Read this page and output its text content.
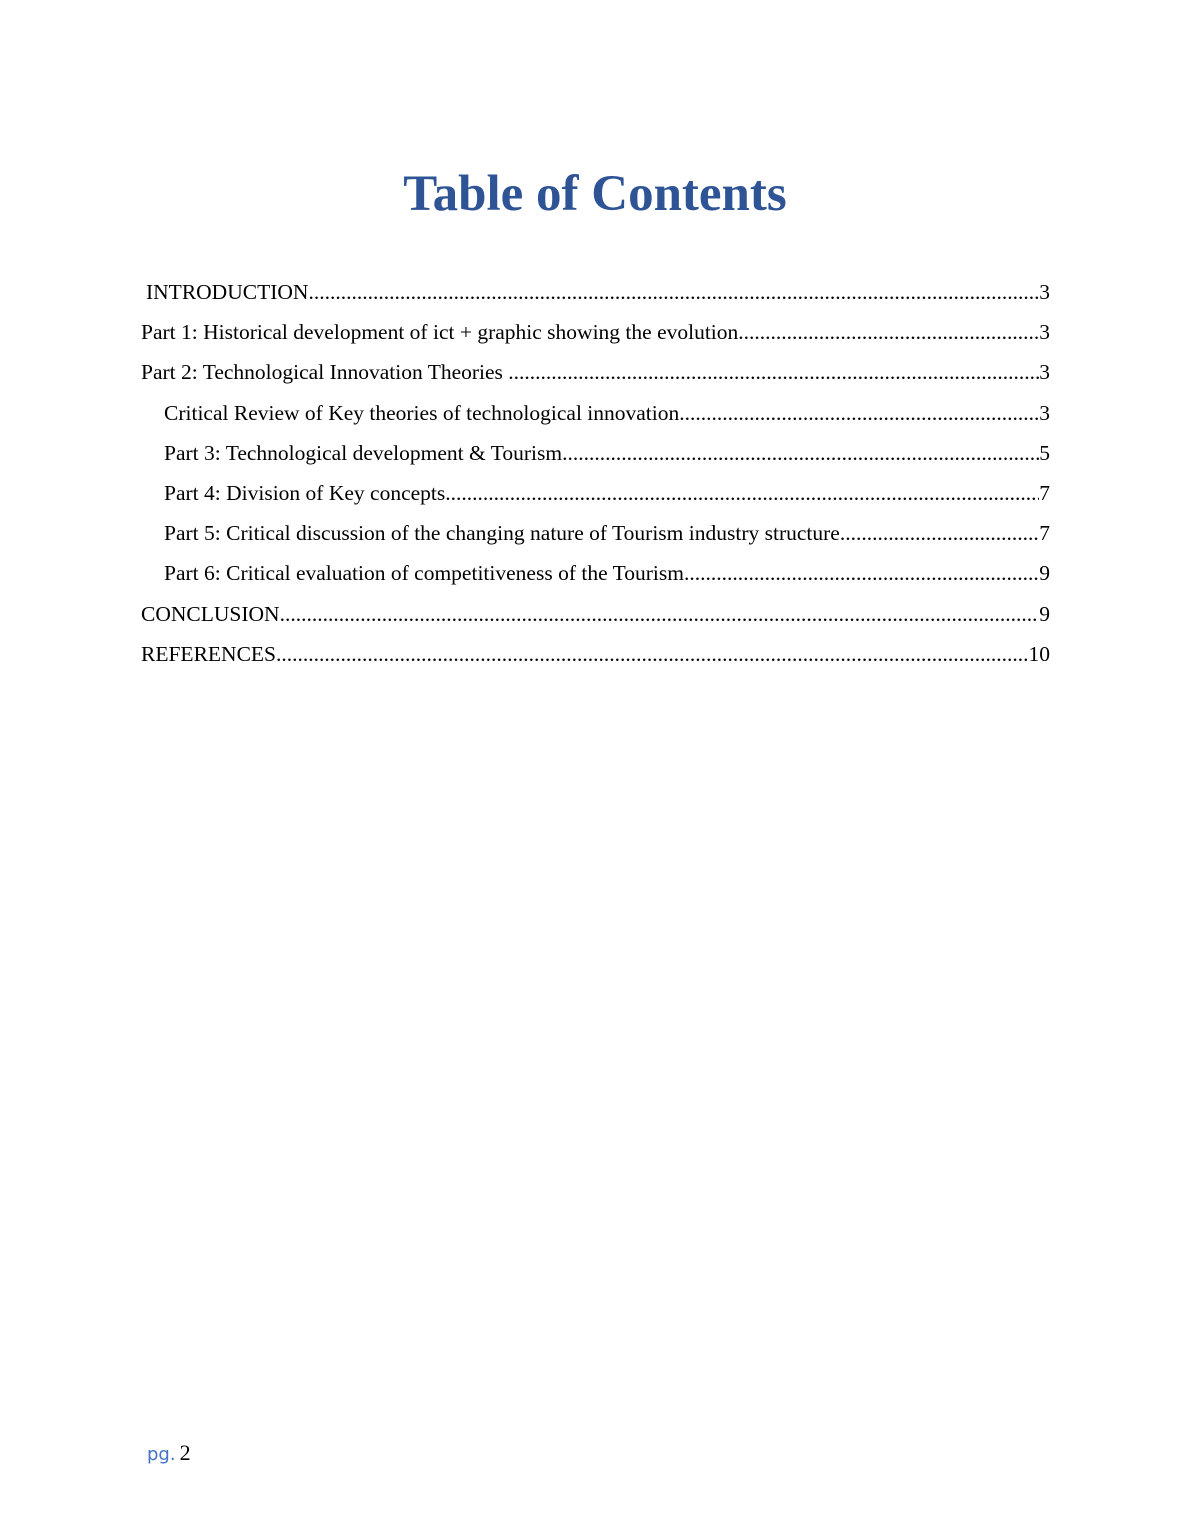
Table of Contents
INTRODUCTION .....	3
Part 1: Historical development of ict + graphic showing the evolution .....	3
Part 2: Technological Innovation Theories .....	3
Critical Review of Key theories of technological innovation .....	3
Part 3: Technological development & Tourism .....	5
Part 4: Division of Key concepts .....	7
Part 5: Critical discussion of the changing nature of Tourism industry structure .....	7
Part 6: Critical evaluation of competitiveness of the Tourism .....	9
CONCLUSION .....	9
REFERENCES .....	10
pg. 2
